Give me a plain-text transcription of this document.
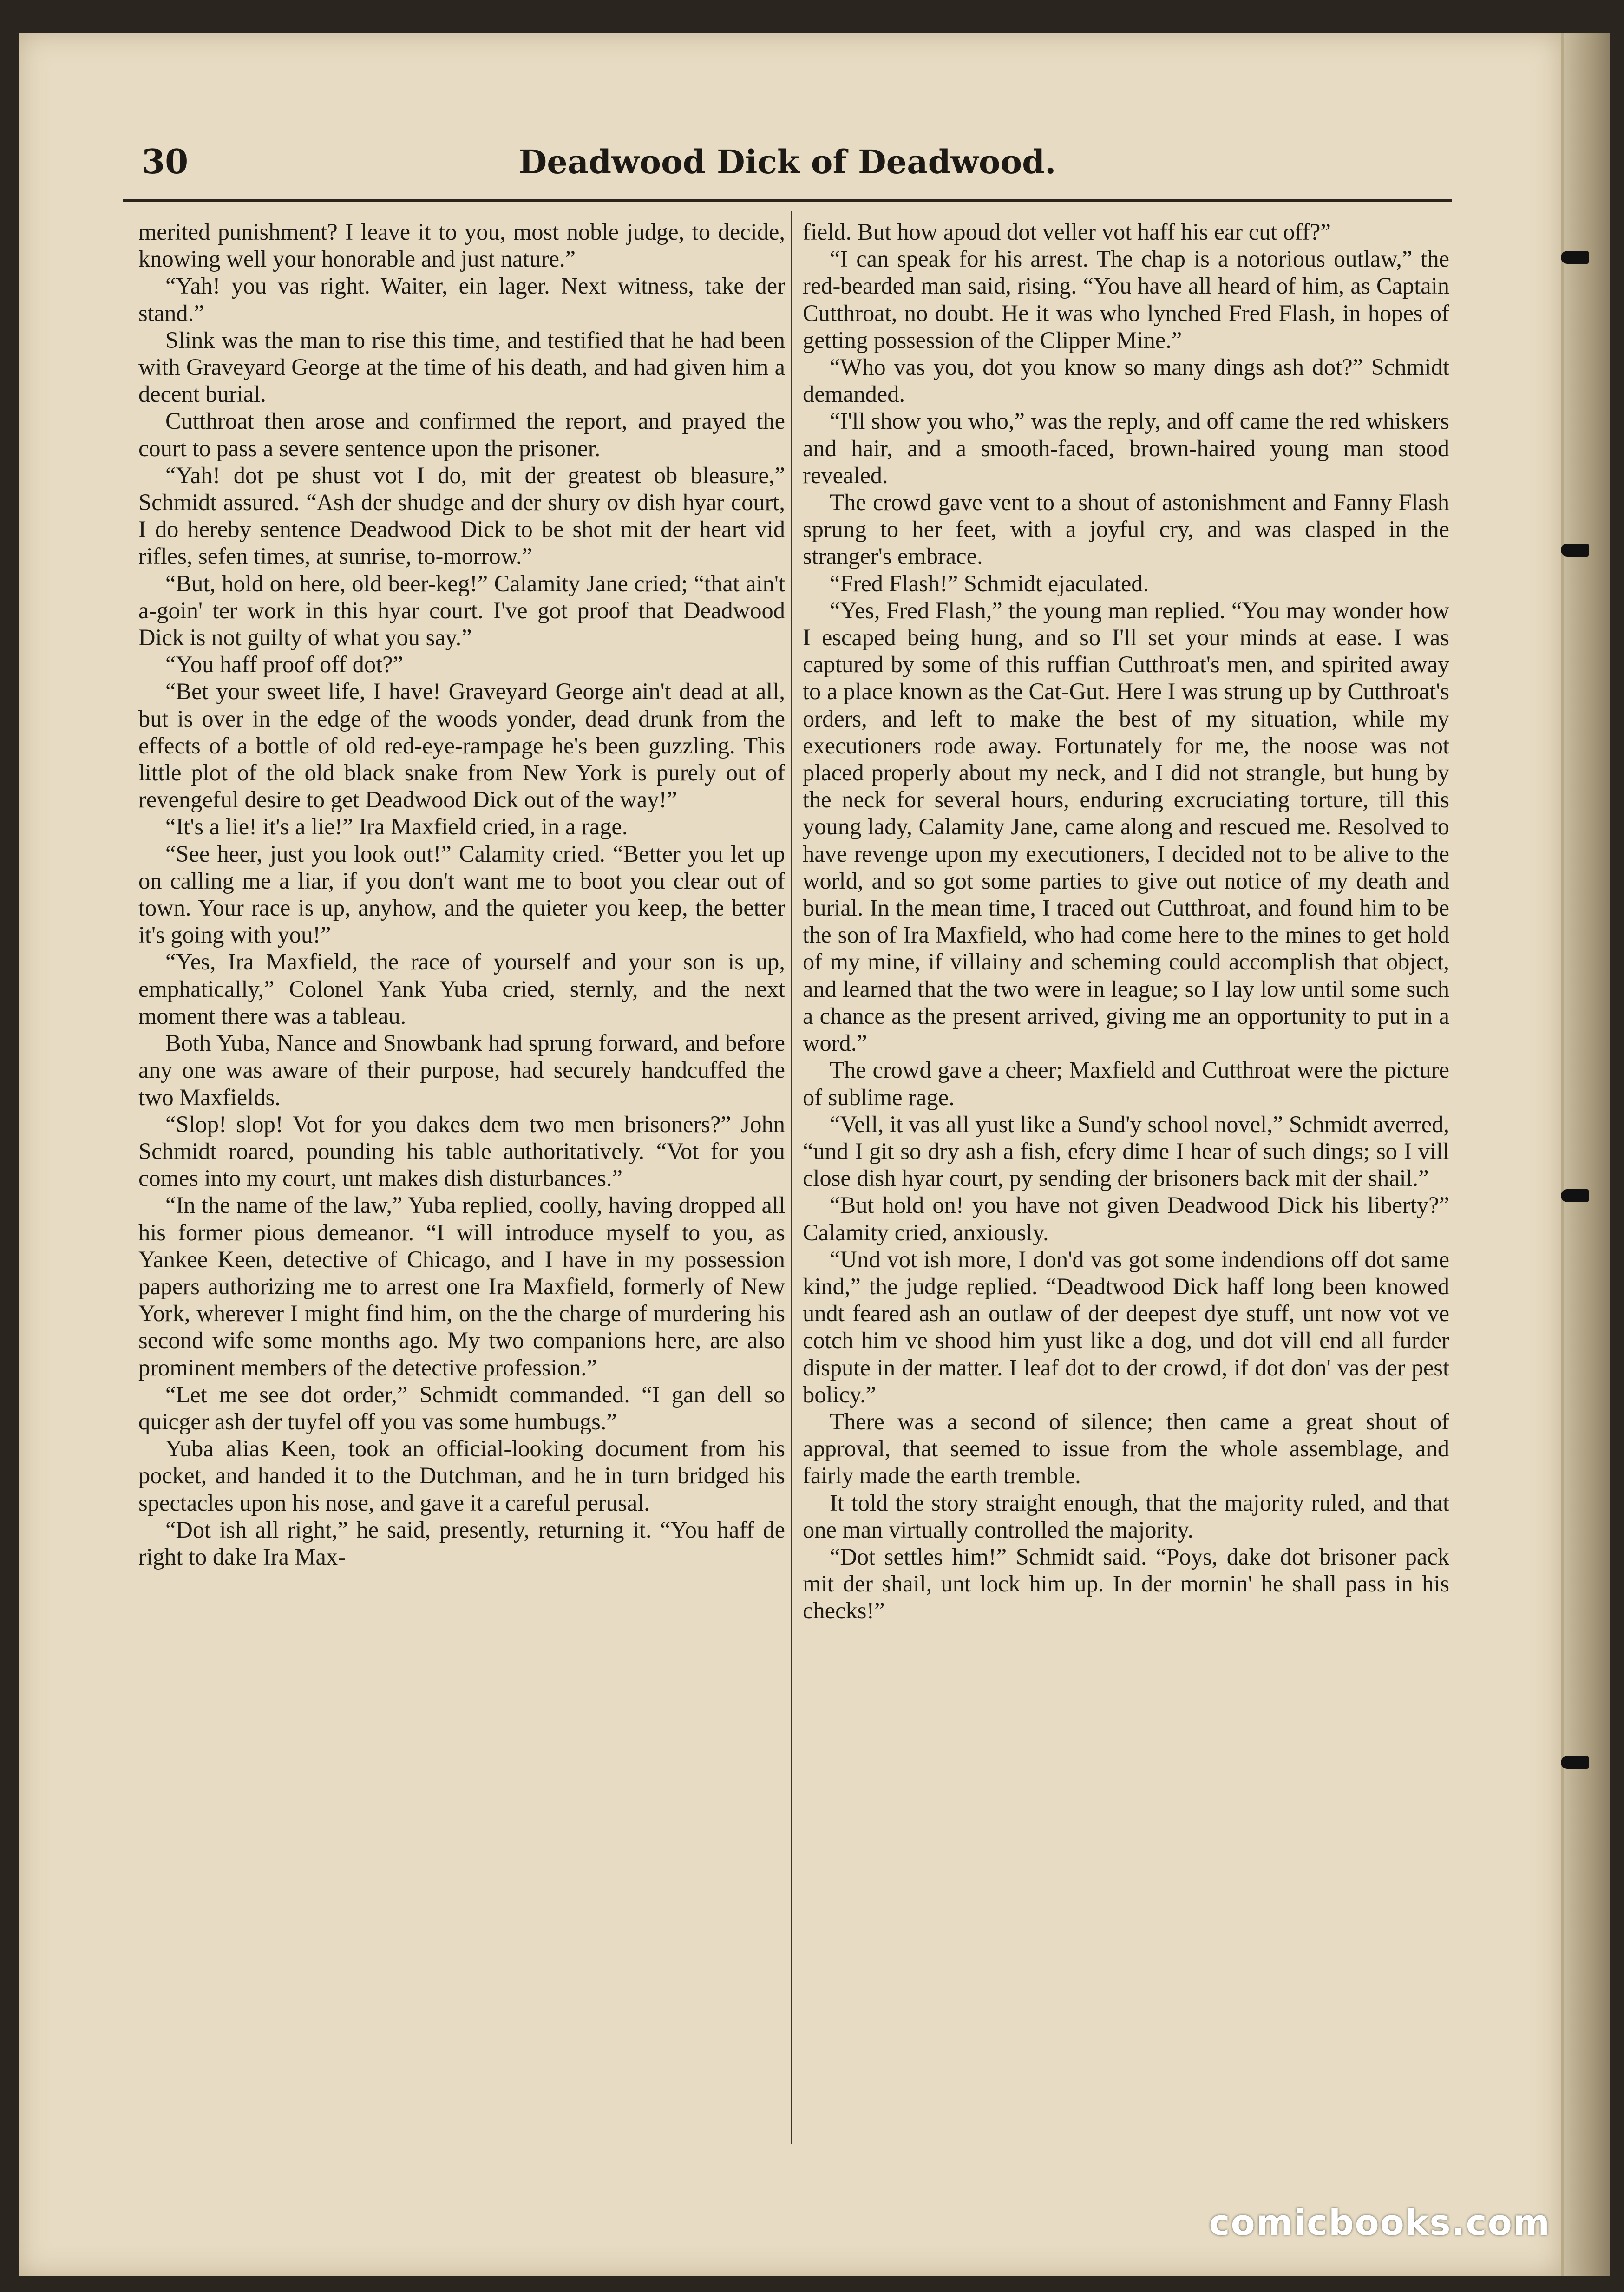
30	Deadwood Dick of Deadwood.

merited punishment? I leave it to you, most noble judge, to decide, knowing well your honorable and just nature.”

“Yah! you vas right. Waiter, ein lager. Next witness, take der stand.”

Slink was the man to rise this time, and testified that he had been with Graveyard George at the time of his death, and had given him a decent burial.

Cutthroat then arose and confirmed the report, and prayed the court to pass a severe sentence upon the prisoner.

“Yah! dot pe shust vot I do, mit der greatest ob bleasure,” Schmidt assured. “Ash der shudge and der shury ov dish hyar court, I do hereby sentence Deadwood Dick to be shot mit der heart vid rifles, sefen times, at sunrise, to-morrow.”

“But, hold on here, old beer-keg!” Calamity Jane cried; “that ain't a-goin' ter work in this hyar court. I've got proof that Deadwood Dick is not guilty of what you say.”

“You haff proof off dot?”

“Bet your sweet life, I have! Graveyard George ain't dead at all, but is over in the edge of the woods yonder, dead drunk from the effects of a bottle of old red-eye-rampage he's been guzzling. This little plot of the old black snake from New York is purely out of revengeful desire to get Deadwood Dick out of the way!”

“It's a lie! it's a lie!” Ira Maxfield cried, in a rage.

“See heer, just you look out!” Calamity cried. “Better you let up on calling me a liar, if you don't want me to boot you clear out of town. Your race is up, anyhow, and the quieter you keep, the better it's going with you!”

“Yes, Ira Maxfield, the race of yourself and your son is up, emphatically,” Colonel Yank Yuba cried, sternly, and the next moment there was a tableau.

Both Yuba, Nance and Snowbank had sprung forward, and before any one was aware of their purpose, had securely handcuffed the two Maxfields.

“Slop! slop! Vot for you dakes dem two men brisoners?” John Schmidt roared, pounding his table authoritatively. “Vot for you comes into my court, unt makes dish disturbances.”

“In the name of the law,” Yuba replied, coolly, having dropped all his former pious demeanor. “I will introduce myself to you, as Yankee Keen, detective of Chicago, and I have in my possession papers authorizing me to arrest one Ira Maxfield, formerly of New York, wherever I might find him, on the the charge of murdering his second wife some months ago. My two companions here, are also prominent members of the detective profession.”

“Let me see dot order,” Schmidt commanded. “I gan dell so quicger ash der tuyfel off you vas some humbugs.”

Yuba alias Keen, took an official-looking document from his pocket, and handed it to the Dutchman, and he in turn bridged his spectacles upon his nose, and gave it a careful perusal.

“Dot ish all right,” he said, presently, returning it. “You haff de right to dake Ira Max-

field. But how apoud dot veller vot haff his ear cut off?”

“I can speak for his arrest. The chap is a notorious outlaw,” the red-bearded man said, rising. “You have all heard of him, as Captain Cutthroat, no doubt. He it was who lynched Fred Flash, in hopes of getting possession of the Clipper Mine.”

“Who vas you, dot you know so many dings ash dot?” Schmidt demanded.

“I'll show you who,” was the reply, and off came the red whiskers and hair, and a smooth-faced, brown-haired young man stood revealed.

The crowd gave vent to a shout of astonishment and Fanny Flash sprung to her feet, with a joyful cry, and was clasped in the stranger's embrace.

“Fred Flash!” Schmidt ejaculated.

“Yes, Fred Flash,” the young man replied. “You may wonder how I escaped being hung, and so I'll set your minds at ease. I was captured by some of this ruffian Cutthroat's men, and spirited away to a place known as the Cat-Gut. Here I was strung up by Cutthroat's orders, and left to make the best of my situation, while my executioners rode away. Fortunately for me, the noose was not placed properly about my neck, and I did not strangle, but hung by the neck for several hours, enduring excruciating torture, till this young lady, Calamity Jane, came along and rescued me. Resolved to have revenge upon my executioners, I decided not to be alive to the world, and so got some parties to give out notice of my death and burial. In the mean time, I traced out Cutthroat, and found him to be the son of Ira Maxfield, who had come here to the mines to get hold of my mine, if villainy and scheming could accomplish that object, and learned that the two were in league; so I lay low until some such a chance as the present arrived, giving me an opportunity to put in a word.”

The crowd gave a cheer; Maxfield and Cutthroat were the picture of sublime rage.

“Vell, it vas all yust like a Sund'y school novel,” Schmidt averred, “und I git so dry ash a fish, efery dime I hear of such dings; so I vill close dish hyar court, py sending der brisoners back mit der shail.”

“But hold on! you have not given Deadwood Dick his liberty?” Calamity cried, anxiously.

“Und vot ish more, I don'd vas got some indendions off dot same kind,” the judge replied. “Deadtwood Dick haff long been knowed undt feared ash an outlaw of der deepest dye stuff, unt now vot ve cotch him ve shood him yust like a dog, und dot vill end all furder dispute in der matter. I leaf dot to der crowd, if dot don' vas der pest bolicy.”

There was a second of silence; then came a great shout of approval, that seemed to issue from the whole assemblage, and fairly made the earth tremble.

It told the story straight enough, that the majority ruled, and that one man virtually controlled the majority.

“Dot settles him!” Schmidt said. “Poys, dake dot brisoner pack mit der shail, unt lock him up. In der mornin' he shall pass in his checks!”

comicbooks.com
